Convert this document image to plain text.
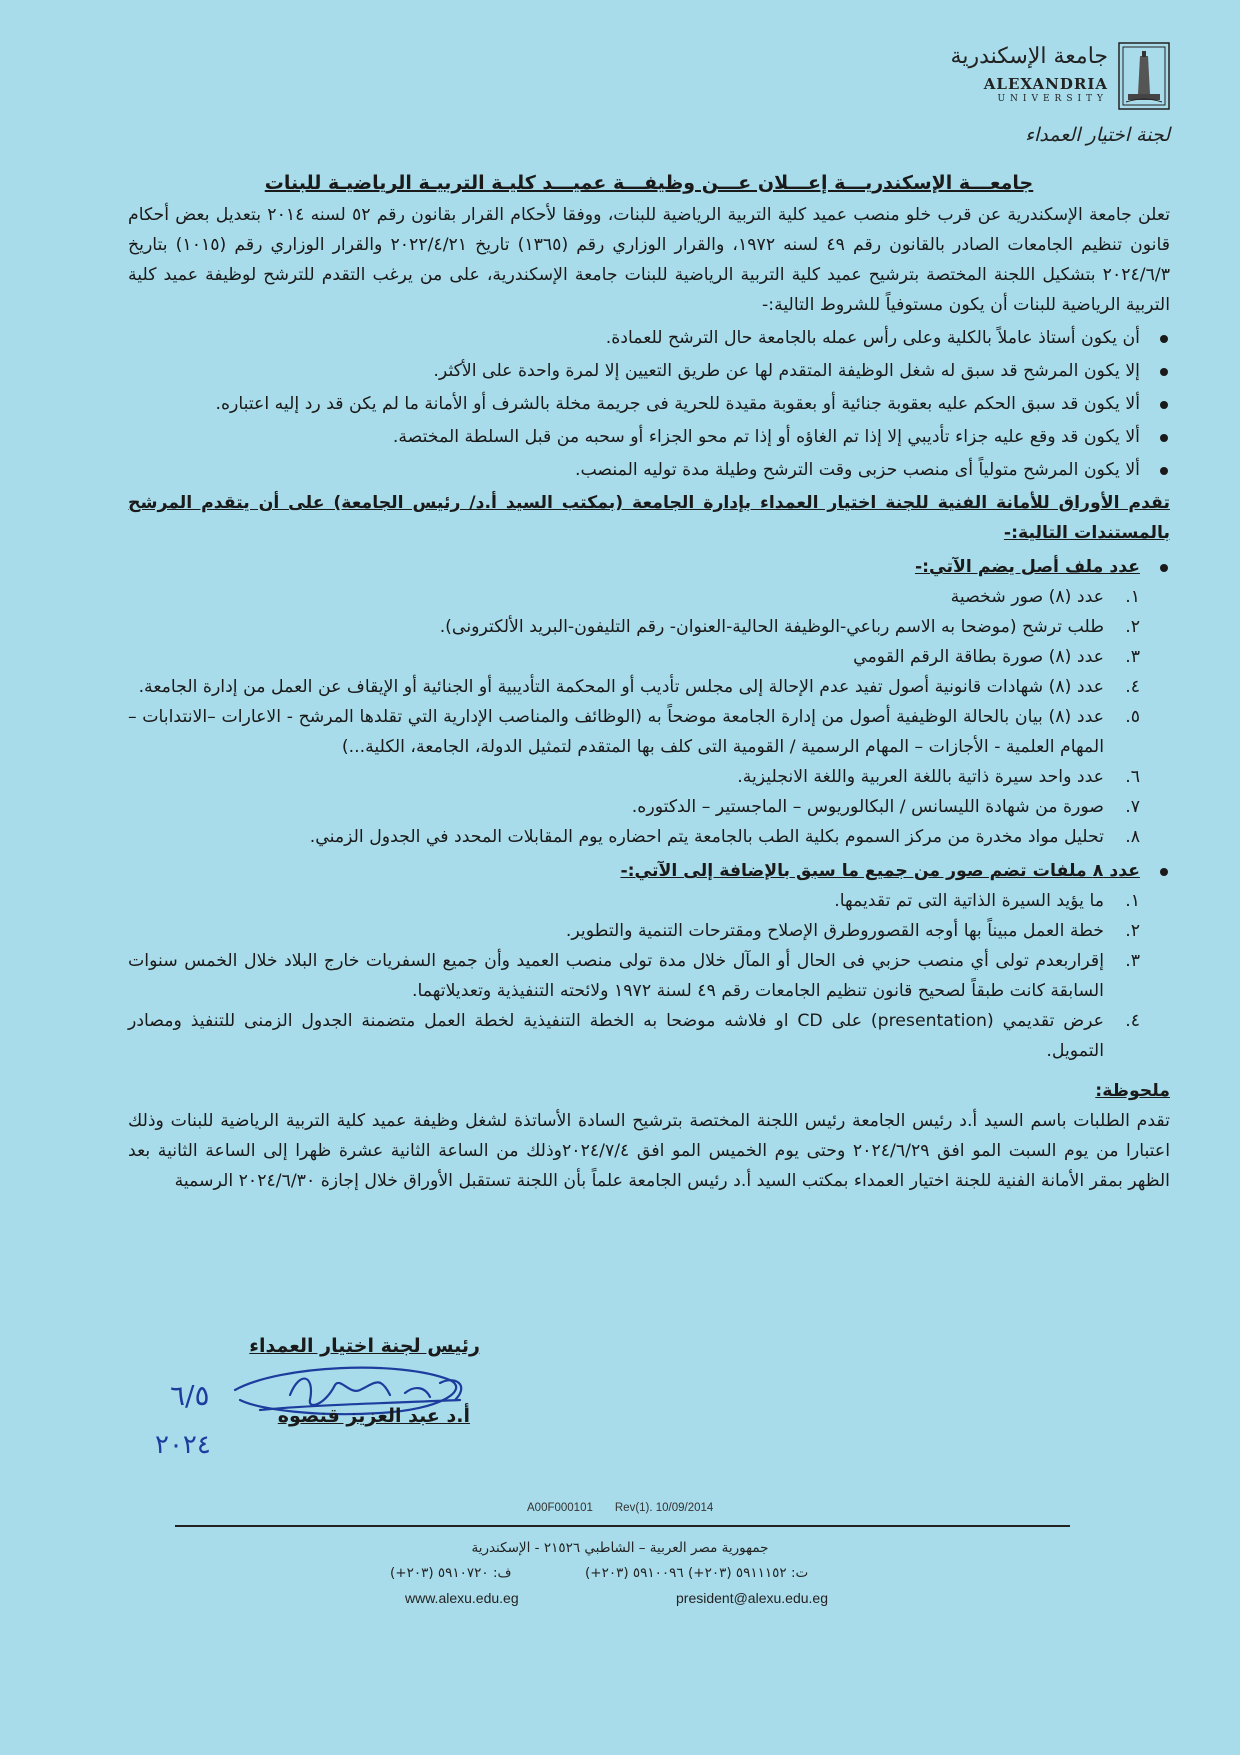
جامعة الإسكندرية
ALEXANDRIA
UNIVERSITY
لجنة اختيار العمداء
جامعـــة الإسكندريـــة إعـــلان عـــن وظيفـــة عميـــد كليـة التربيـة الرياضيـة للبنات

تعلن جامعة الإسكندرية عن قرب خلو منصب عميد كلية التربية الرياضية للبنات، ووفقا لأحكام القرار بقانون رقم ٥٢ لسنه ٢٠١٤ بتعديل بعض أحكام قانون تنظيم الجامعات الصادر بالقانون رقم ٤٩ لسنه ١٩٧٢، والقرار الوزاري رقم (١٣٦٥) تاريخ ٢٠٢٢/٤/٢١ والقرار الوزاري رقم (١٠١٥) بتاريخ ٢٠٢٤/٦/٣ بتشكيل اللجنة المختصة بترشيح عميد كلية التربية الرياضية للبنات جامعة الإسكندرية، على من يرغب التقدم للترشح لوظيفة عميد كلية التربية الرياضية للبنات أن يكون مستوفياً للشروط التالية:-

أن يكون أستاذ عاملاً بالكلية وعلى رأس عمله بالجامعة حال الترشح للعمادة.
إلا يكون المرشح قد سبق له شغل الوظيفة المتقدم لها عن طريق التعيين إلا لمرة واحدة على الأكثر.
ألا يكون قد سبق الحكم عليه بعقوبة جنائية أو بعقوبة مقيدة للحرية فى جريمة مخلة بالشرف أو الأمانة ما لم يكن قد رد إليه اعتباره.
ألا يكون قد وقع عليه جزاء تأديبي إلا إذا تم الغاؤه أو إذا تم محو الجزاء أو سحبه من قبل السلطة المختصة.
ألا يكون المرشح متولياً أى منصب حزبى وقت الترشح وطيلة مدة توليه المنصب.
تقدم الأوراق للأمانة الفنية للجنة اختيار العمداء بإدارة الجامعة (بمكتب السيد أ.د/ رئيس الجامعة) على أن يتقدم المرشح بالمستندات التالية:-
عدد ملف أصل يضم الآتي:-
١.
عدد (٨) صور شخصية
٢.
طلب ترشح (موضحا به الاسم رباعي-الوظيفة الحالية-العنوان- رقم التليفون-البريد الألكترونى).
٣.
عدد (٨) صورة بطاقة الرقم القومي
٤.
عدد (٨) شهادات قانونية أصول تفيد عدم الإحالة إلى مجلس تأديب أو المحكمة التأديبية أو الجنائية أو الإيقاف عن العمل من إدارة الجامعة.
٥.
عدد (٨) بيان بالحالة الوظيفية أصول من إدارة الجامعة موضحاً به (الوظائف والمناصب الإدارية التي تقلدها المرشح - الاعارات –الانتدابات – المهام العلمية - الأجازات – المهام الرسمية / القومية التى كلف بها المتقدم لتمثيل الدولة، الجامعة، الكلية...)
٦.
عدد واحد سيرة ذاتية باللغة العربية واللغة الانجليزية.
٧.
صورة من شهادة الليسانس / البكالوريوس – الماجستير – الدكتوره.
٨.
تحليل مواد مخدرة من مركز السموم بكلية الطب بالجامعة يتم احضاره يوم المقابلات المحدد في الجدول الزمني.
عدد ٨ ملفات تضم صور من جميع ما سبق بالإضافة إلى الآتي:-
١.
ما يؤيد السيرة الذاتية التى تم تقديمها.
٢.
خطة العمل مبيناً بها أوجه القصوروطرق الإصلاح ومقترحات التنمية والتطوير.
٣.
إقراربعدم تولى أي منصب حزبي فى الحال أو المآل خلال مدة تولى منصب العميد وأن جميع السفريات خارج البلاد خلال الخمس سنوات السابقة كانت طبقاً لصحيح قانون تنظيم الجامعات رقم ٤٩ لسنة ١٩٧٢ ولائحته التنفيذية وتعديلاتهما.
٤.
عرض تقديمي (presentation) على CD او فلاشه موضحا به الخطة التنفيذية لخطة العمل متضمنة الجدول الزمنى للتنفيذ ومصادر التمويل.
ملحوظة:

تقدم الطلبات باسم السيد أ.د رئيس الجامعة رئيس اللجنة المختصة بترشيح السادة الأساتذة لشغل وظيفة عميد كلية التربية الرياضية للبنات وذلك اعتبارا من يوم السبت المو افق ٢٠٢٤/٦/٢٩ وحتى يوم الخميس المو افق ٢٠٢٤/٧/٤وذلك من الساعة الثانية عشرة ظهرا إلى الساعة الثانية بعد الظهر بمقر الأمانة الفنية للجنة اختيار العمداء بمكتب السيد أ.د رئيس الجامعة علماً بأن اللجنة تستقبل الأوراق خلال إجازة ٢٠٢٤/٦/٣٠ الرسمية

رئيس لجنة اختيار العمداء
٦/٥
٢٠٢٤
أ.د عبد العزيز قنصوه
A00F000101 Rev(1). 10/09/2014
جمهورية مصر العربية – الشاطبي ٢١٥٢٦ - الإسكندرية
ت: ٥٩١١١٥٢ (٢٠٣+) ٥٩١٠٠٩٦ (٢٠٣+)
ف: ٥٩١٠٧٢٠ (٢٠٣+)
www.alexu.edu.eg	president@alexu.edu.eg
